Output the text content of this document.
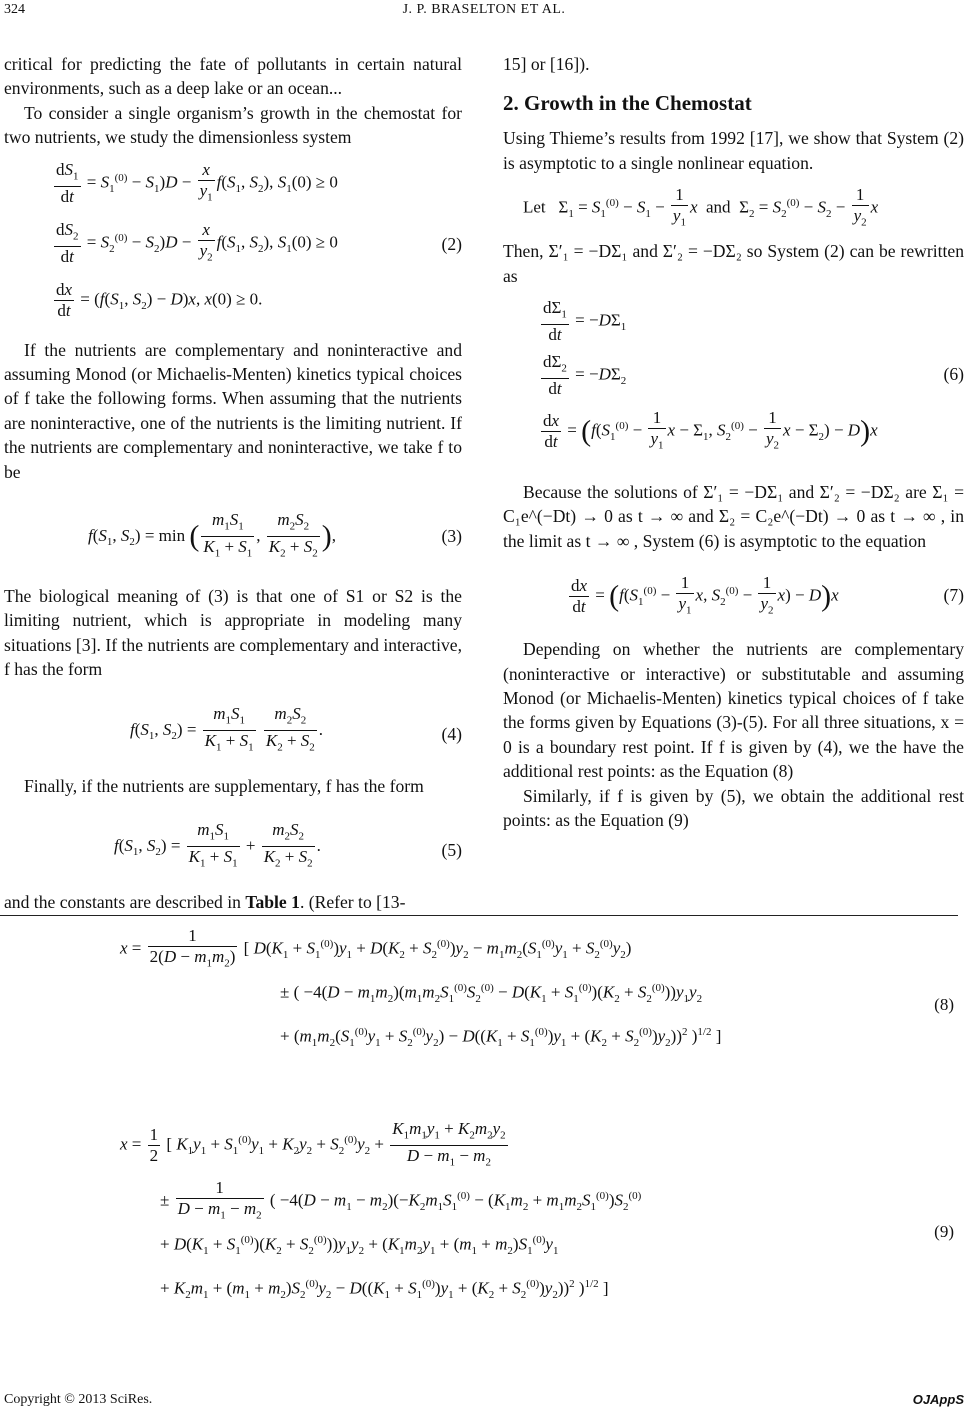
324	J. P. BRASELTON ET AL.

critical for predicting the fate of pollutants in certain natural environments, such as a deep lake or an ocean...

To consider a single organism’s growth in the chemostat for two nutrients, we study the dimensionless system

$\frac{dS_1}{dt} = S_1^{(0)} - S_1)D - \frac{x}{y_1} f(S_1$, $S_2$), $S_1(0) \ge 0$
$\frac{dS_2}{dt} = S_2^{(0)} - S_2)D - \frac{x}{y_2} f(S_1$, $S_2$), $S_1(0) \ge 0$	(2)
$\frac{dx}{dt} = (f(S_1$, $S_2) - D)x$, x(0) ≥ 0.

If the nutrients are complementary and noninteractive and assuming Monod (or Michaelis-Menten) kinetics typical choices of f take the following forms. When assuming that the nutrients are noninteractive, one of the nutrients is the limiting nutrient. If the nutrients are complementary and noninteractive, we take f to be

$f(S_1$, $S_2) = \min$ ( $\frac{m_1S_1}{K_1 + S_1}$ , $\frac{m_2S_2}{K_2 + S_2}$ ),	(3)

The biological meaning of (3) is that one of S1 or S2 is the limiting nutrient, which is appropriate in modeling many situations [3]. If the nutrients are complementary and interactive, f has the form

$f(S_1$, $S_2) = \frac{m_1S_1}{K_1 + S_1}$
$\frac{m_2S_2}{K_2 + S_2}$ .	(4)

Finally, if the nutrients are supplementary, f has the form

$f(S_1$, $S_2) = \frac{m_1S_1}{K_1 + S_1} + \frac{m_2S_2}{K_2 + S_2}$ .	(5)

and the constants are described in Table 1. (Refer to [13-

15] or [16]).

2. Growth in the Chemostat

Using Thieme’s results from 1992 [17], we show that System (2) is asymptotic to a single nonlinear equation.

Let   $\Sigma_1 = S_1^{(0)} - S_1 - \frac{1}{y_1}$ x and  $\Sigma_2 = S_2^{(0)} - S_2 - \frac{1}{y_2}$ x

Then, Σ′₁ = −DΣ₁ and Σ′₂ = −DΣ₂ so System (2) can be rewritten as

$\frac{d\Sigma_1}{dt} = -D\Sigma_1$
$\frac{d\Sigma_2}{dt} = -D\Sigma_2$	(6)
$\frac{dx}{dt} = (f(S_1^{(0)} - \frac{1}{y_1}$ $x - \Sigma_1$, $S_2^{(0)} - \frac{1}{y_2}$ $x - \Sigma_2) - D)x$

Because the solutions of Σ′₁ = −DΣ₁ and Σ′₂ = −DΣ₂ are Σ₁ = C₁e^(−Dt) → 0 as t → ∞ and Σ₂ = C₂e^(−Dt) → 0 as t → ∞ , in the limit as t → ∞ , System (6) is asymptotic to the equation

$\frac{dx}{dt} = (f(S_1^{(0)} - \frac{1}{y_1} x$, $S_2^{(0)} - \frac{1}{y_2} x) - D)x$	(7)

Depending on whether the nutrients are complementary (noninteractive or interactive) or substitutable and assuming Monod (or Michaelis-Menten) kinetics typical choices of f take the forms given by Equations (3)-(5). For all three situations, x = 0 is a boundary rest point. If f is given by (4), we the have the additional rest points: as the Equation (8)

Similarly, if f is given by (5), we obtain the additional rest points: as the Equation (9)

$x = \frac{1}{2(D - m_1m_2)}$ [ $D(K_1 + S_1^{(0)})y_1 + D(K_2 + S_2^{(0)})y_2 - m_1m_2(S_1^{(0)}y_1 + S_2^{(0)}y_2)$
± ( $-4(D - m_1m_2)(m_1m_2S_1^{(0)}S_2^{(0)} - D(K_1 + S_1^{(0)})(K_2 + S_2^{(0)}))y_1y_2$
+ $(m_1m_2(S_1^{(0)}y_1 + S_2^{(0)}y_2) - D((K_1 + S_1^{(0)})y_1 + (K_2 + S_2^{(0)})y_2))^2$ )$^{1/2}$ ]
(8)
$x = \frac{1}{2}$ [ $K_1y_1 + S_1^{(0)}y_1 + K_2y_2 + S_2^{(0)}y_2 + \frac{K_1m_1y_1 + K_2m_2y_2}{D - m_1 - m_2}$
± $\frac{1}{D - m_1 - m_2}$ ( $-4(D - m_1 - m_2)(-K_2m_1S_1^{(0)} - (K_1m_2 + m_1m_2S_1^{(0)})S_2^{(0)}$
+ $D(K_1 + S_1^{(0)})(K_2 + S_2^{(0)}))y_1y_2 + (K_1m_2y_1 + (m_1 + m_2)S_1^{(0)}y_1$
+ $K_2m_1 + (m_1 + m_2)S_2^{(0)}y_2 - D((K_1 + S_1^{(0)})y_1 + (K_2 + S_2^{(0)})y_2))^2$ )$^{1/2}$ ]
(9)
Copyright © 2013 SciRes.	OJAppS
